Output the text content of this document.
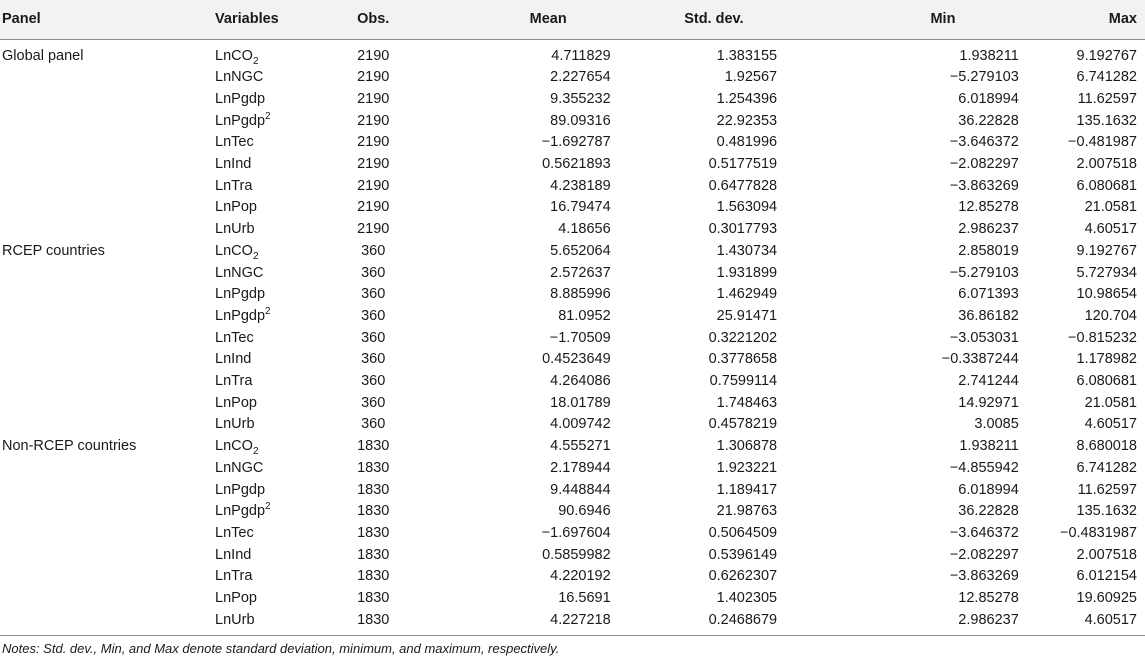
Panel	Variables	Obs.	Mean	Std. dev.	Min	Max
Global panel	LnCO$_2$	2190	4.711829	1.383155	1.938211	9.192767
	LnNGC	2190	2.227654	1.92567	−5.279103	6.741282
	LnPgdp	2190	9.355232	1.254396	6.018994	11.62597
	LnPgdp$^2$	2190	89.09316	22.92353	36.22828	135.1632
	LnTec	2190	−1.692787	0.481996	−3.646372	−0.481987
	LnInd	2190	0.5621893	0.5177519	−2.082297	2.007518
	LnTra	2190	4.238189	0.6477828	−3.863269	6.080681
	LnPop	2190	16.79474	1.563094	12.85278	21.0581
	LnUrb	2190	4.18656	0.3017793	2.986237	4.60517
RCEP countries	LnCO$_2$	360	5.652064	1.430734	2.858019	9.192767
	LnNGC	360	2.572637	1.931899	−5.279103	5.727934
	LnPgdp	360	8.885996	1.462949	6.071393	10.98654
	LnPgdp$^2$	360	81.0952	25.91471	36.86182	120.704
	LnTec	360	−1.70509	0.3221202	−3.053031	−0.815232
	LnInd	360	0.4523649	0.3778658	−0.3387244	1.178982
	LnTra	360	4.264086	0.7599114	2.741244	6.080681
	LnPop	360	18.01789	1.748463	14.92971	21.0581
	LnUrb	360	4.009742	0.4578219	3.0085	4.60517
Non-RCEP countries	LnCO$_2$	1830	4.555271	1.306878	1.938211	8.680018
	LnNGC	1830	2.178944	1.923221	−4.855942	6.741282
	LnPgdp	1830	9.448844	1.189417	6.018994	11.62597
	LnPgdp$^2$	1830	90.6946	21.98763	36.22828	135.1632
	LnTec	1830	−1.697604	0.5064509	−3.646372	−0.4831987
	LnInd	1830	0.5859982	0.5396149	−2.082297	2.007518
	LnTra	1830	4.220192	0.6262307	−3.863269	6.012154
	LnPop	1830	16.5691	1.402305	12.85278	19.60925
	LnUrb	1830	4.227218	0.2468679	2.986237	4.60517
Notes: Std. dev., Min, and Max denote standard deviation, minimum, and maximum, respectively.
